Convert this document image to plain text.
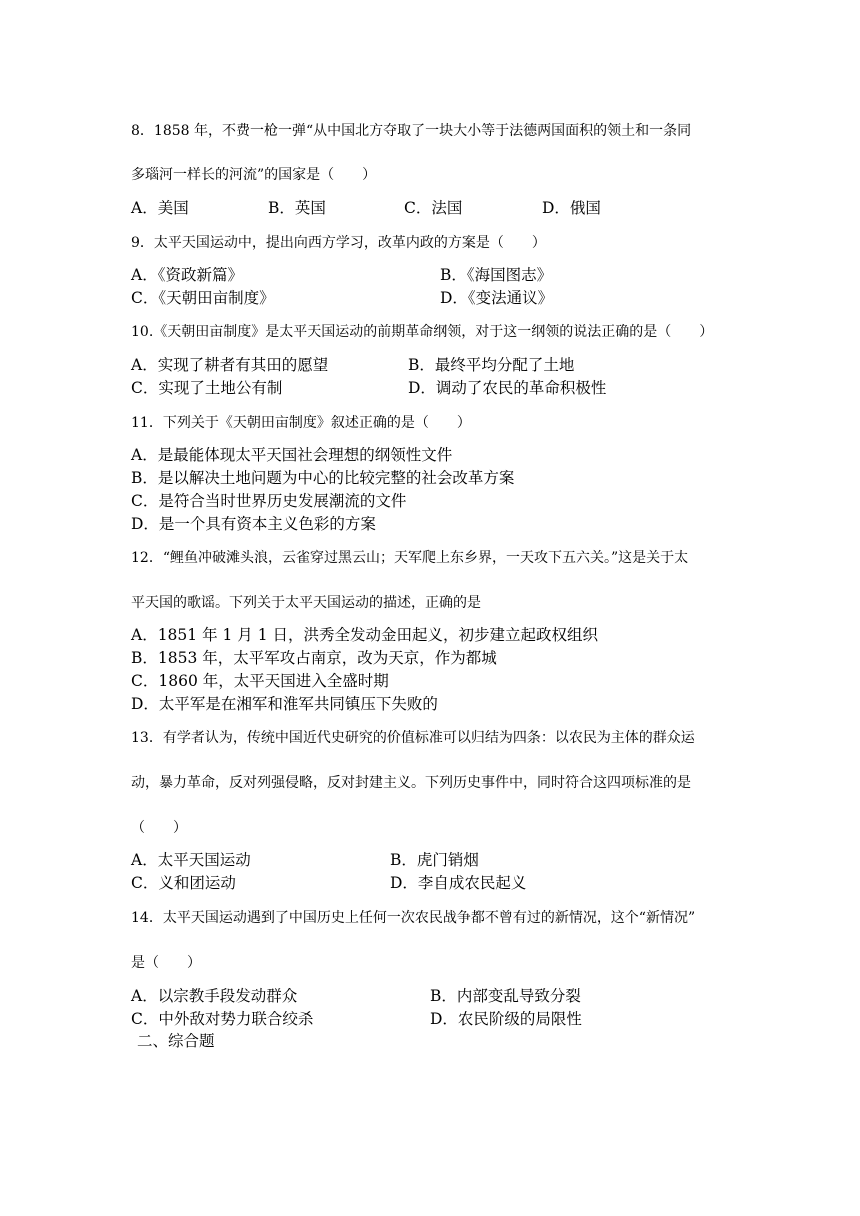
8．1858 年，不费一枪一弹“从中国北方夺取了一块大小等于法德两国面积的领土和一条同
多瑙河一样长的河流”的国家是（　　）
A．美国	B．英国	C．法国	D．俄国
9．太平天国运动中，提出向西方学习，改革内政的方案是（　　）
A．《资政新篇》	B．《海国图志》
C．《天朝田亩制度》	D．《变法通议》
10.《天朝田亩制度》是太平天国运动的前期革命纲领，对于这一纲领的说法正确的是（　　）
A．实现了耕者有其田的愿望	B．最终平均分配了土地
C．实现了土地公有制	D．调动了农民的革命积极性
11．下列关于《天朝田亩制度》叙述正确的是（　　）
A．是最能体现太平天国社会理想的纲领性文件
B．是以解决土地问题为中心的比较完整的社会改革方案
C．是符合当时世界历史发展潮流的文件
D．是一个具有资本主义色彩的方案
12．“鲤鱼冲破滩头浪，云雀穿过黑云山；天军爬上东乡界，一天攻下五六关。”这是关于太
平天国的歌谣。下列关于太平天国运动的描述，正确的是
A．1851 年 1 月 1 日，洪秀全发动金田起义，初步建立起政权组织
B．1853 年，太平军攻占南京，改为天京，作为都城
C．1860 年，太平天国进入全盛时期
D．太平军是在湘军和淮军共同镇压下失败的
13．有学者认为，传统中国近代史研究的价值标准可以归结为四条：以农民为主体的群众运
动，暴力革命，反对列强侵略，反对封建主义。下列历史事件中，同时符合这四项标准的是
（　　）
A．太平天国运动	B．虎门销烟
C．义和团运动	D．李自成农民起义
14．太平天国运动遇到了中国历史上任何一次农民战争都不曾有过的新情况，这个“新情况”
是（　　）
A．以宗教手段发动群众	B．内部变乱导致分裂
C．中外敌对势力联合绞杀	D．农民阶级的局限性
二、综合题
